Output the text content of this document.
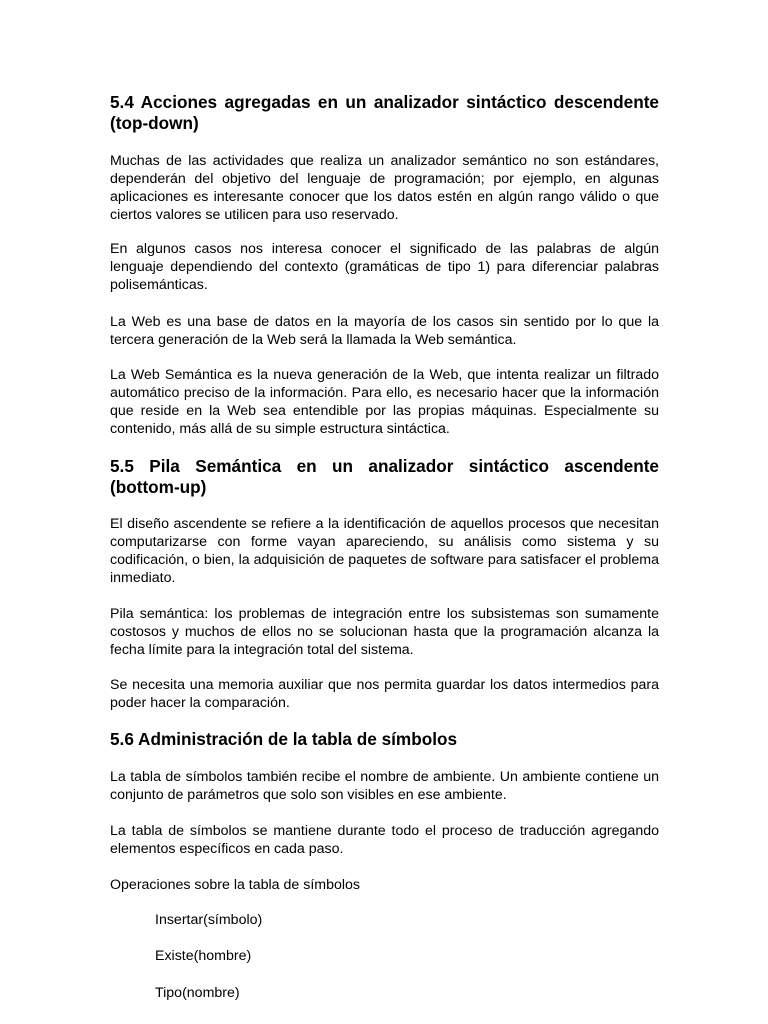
5.4 Acciones agregadas en un analizador sintáctico descendente (top-down)

Muchas de las actividades que realiza un analizador semántico no son estándares, dependerán del objetivo del lenguaje de programación; por ejemplo, en algunas aplicaciones es interesante conocer que los datos estén en algún rango válido o que ciertos valores se utilicen para uso reservado.

En algunos casos nos interesa conocer el significado de las palabras de algún lenguaje dependiendo del contexto (gramáticas de tipo 1) para diferenciar palabras polisemánticas.

La Web es una base de datos en la mayoría de los casos sin sentido por lo que la tercera generación de la Web será la llamada la Web semántica.

La Web Semántica es la nueva generación de la Web, que intenta realizar un filtrado automático preciso de la información. Para ello, es necesario hacer que la información que reside en la Web sea entendible por las propias máquinas. Especialmente su contenido, más allá de su simple estructura sintáctica.

5.5 Pila Semántica en un analizador sintáctico ascendente (bottom-up)

El diseño ascendente se refiere a la identificación de aquellos procesos que necesitan computarizarse con forme vayan apareciendo, su análisis como sistema y su codificación, o bien, la adquisición de paquetes de software para satisfacer el problema inmediato.

Pila semántica: los problemas de integración entre los subsistemas son sumamente costosos y muchos de ellos no se solucionan hasta que la programación alcanza la fecha límite para la integración total del sistema.

Se necesita una memoria auxiliar que nos permita guardar los datos intermedios para poder hacer la comparación.

5.6 Administración de la tabla de símbolos

La tabla de símbolos también recibe el nombre de ambiente. Un ambiente contiene un conjunto de parámetros que solo son visibles en ese ambiente.

La tabla de símbolos se mantiene durante todo el proceso de traducción agregando elementos específicos en cada paso.

Operaciones sobre la tabla de símbolos

Insertar(símbolo)

Existe(hombre)

Tipo(nombre)
